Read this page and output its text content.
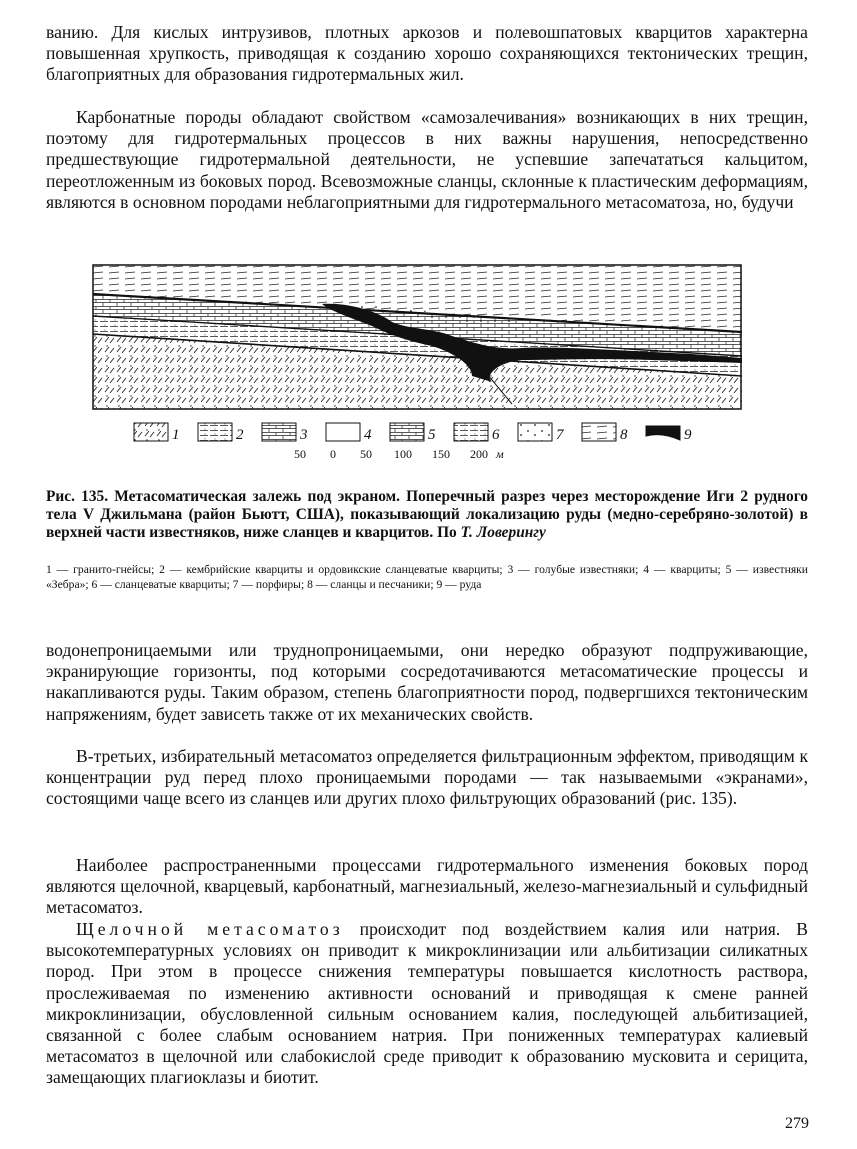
ванию. Для кислых интрузивов, плотных аркозов и полевошпатовых кварцитов характерна повышенная хрупкость, приводящая к созданию хорошо сохраняющихся тектонических трещин, благоприятных для образования гидротермальных жил.

Карбонатные породы обладают свойством «самозалечивания» возникающих в них трещин, поэтому для гидротермальных процессов в них важны нарушения, непосредственно предшествующие гидротермальной деятельности, не успевшие запечататься кальцитом, переотложенным из боковых пород. Всевозможные сланцы, склонные к пластическим деформациям, являются в основном породами неблагоприятными для гидротермального метасоматоза, но, будучи

1	2	3	4	5	6	7	8	9
50 0 50 100 150 200 м

Рис. 135. Метасоматическая залежь под экраном. Поперечный разрез через месторождение Иги 2 рудного тела V Джильмана (район Бьютт, США), показывающий локализацию руды (медно-серебряно-золотой) в верхней части известняков, ниже сланцев и кварцитов. По Т. Ловерингу

1 — гранито-гнейсы; 2 — кембрийские кварциты и ордовикские сланцеватые кварциты; 3 — голубые известняки; 4 — кварциты; 5 — известняки «Зебра»; 6 — сланцеватые кварциты; 7 — порфиры; 8 — сланцы и песчаники; 9 — руда

водонепроницаемыми или труднопроницаемыми, они нередко образуют подпруживающие, экранирующие горизонты, под которыми сосредотачиваются метасоматические процессы и накапливаются руды. Таким образом, степень благоприятности пород, подвергшихся тектоническим напряжениям, будет зависеть также от их механических свойств.

В-третьих, избирательный метасоматоз определяется фильтрационным эффектом, приводящим к концентрации руд перед плохо проницаемыми породами — так называемыми «экранами», состоящими чаще всего из сланцев или других плохо фильтрующих образований (рис. 135).

Наиболее распространенными процессами гидротермального изменения боковых пород являются щелочной, кварцевый, карбонатный, магнезиальный, железо-магнезиальный и сульфидный метасоматоз.

Щелочной метасоматоз происходит под воздействием калия или натрия. В высокотемпературных условиях он приводит к микроклинизации или альбитизации силикатных пород. При этом в процессе снижения температуры повышается кислотность раствора, прослеживаемая по изменению активности оснований и приводящая к смене ранней микроклинизации, обусловленной сильным основанием калия, последующей альбитизацией, связанной с более слабым основанием натрия. При пониженных температурах калиевый метасоматоз в щелочной или слабокислой среде приводит к образованию мусковита и серицита, замещающих плагиоклазы и биотит.

279
